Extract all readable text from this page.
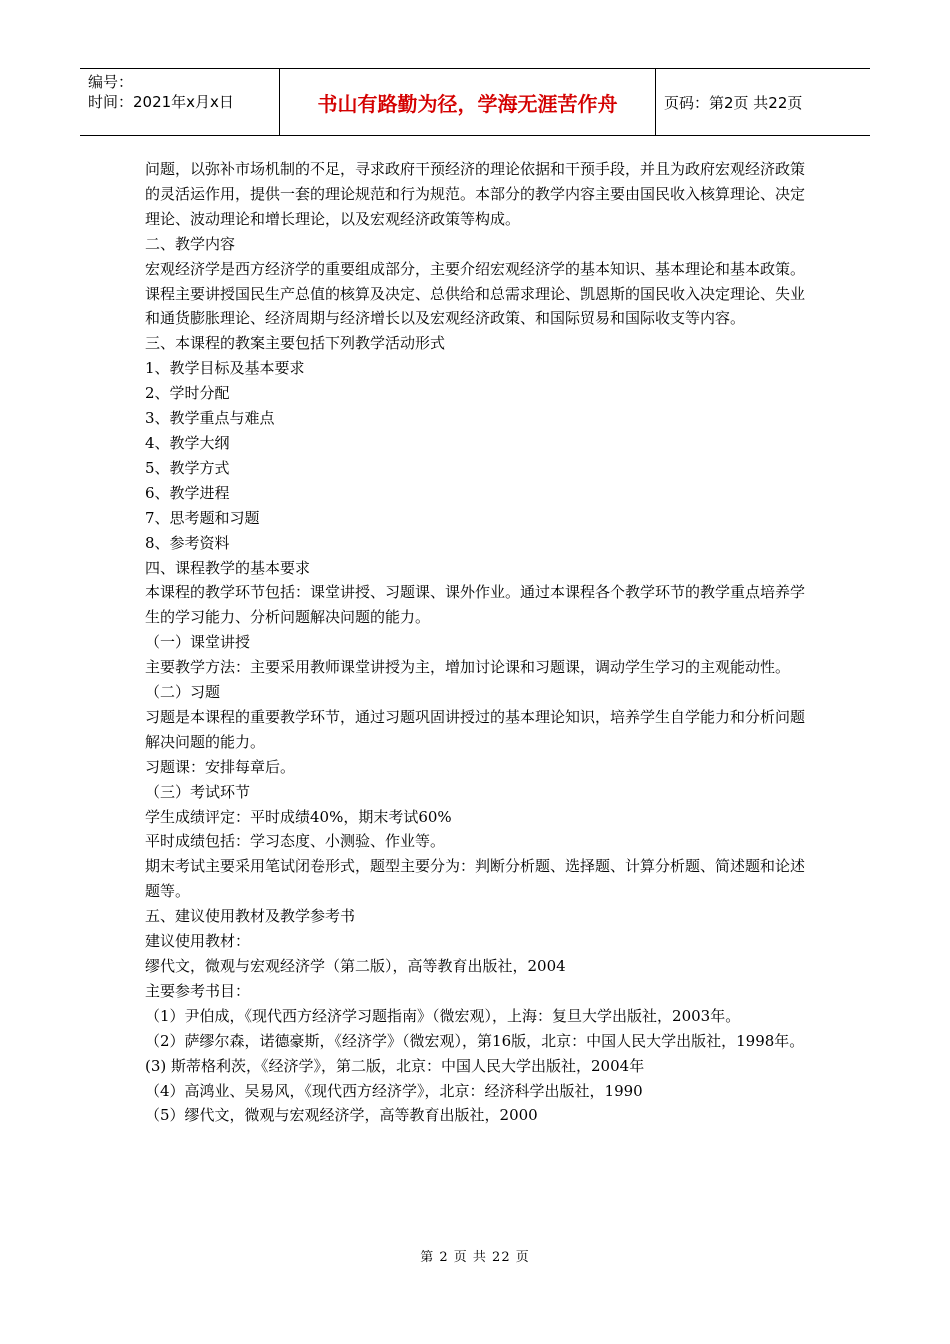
编号：
时间：2021年x月x日	书山有路勤为径，学海无涯苦作舟	页码：第2页 共22页

问题，以弥补市场机制的不足，寻求政府干预经济的理论依据和干预手段，并且为政府宏观经济政策的灵活运作用，提供一套的理论规范和行为规范。本部分的教学内容主要由国民收入核算理论、决定理论、波动理论和增长理论，以及宏观经济政策等构成。

二、教学内容

宏观经济学是西方经济学的重要组成部分，主要介绍宏观经济学的基本知识、基本理论和基本政策。课程主要讲授国民生产总值的核算及决定、总供给和总需求理论、凯恩斯的国民收入决定理论、失业和通货膨胀理论、经济周期与经济增长以及宏观经济政策、和国际贸易和国际收支等内容。

三、本课程的教案主要包括下列教学活动形式

1、教学目标及基本要求

2、学时分配

3、教学重点与难点

4、教学大纲

5、教学方式

6、教学进程

7、思考题和习题

8、参考资料

四、课程教学的基本要求

本课程的教学环节包括：课堂讲授、习题课、课外作业。通过本课程各个教学环节的教学重点培养学生的学习能力、分析问题解决问题的能力。

（一）课堂讲授

主要教学方法：主要采用教师课堂讲授为主，增加讨论课和习题课，调动学生学习的主观能动性。

（二）习题

习题是本课程的重要教学环节，通过习题巩固讲授过的基本理论知识，培养学生自学能力和分析问题解决问题的能力。

习题课：安排每章后。

（三）考试环节

学生成绩评定：平时成绩40%，期末考试60%

平时成绩包括：学习态度、小测验、作业等。

期末考试主要采用笔试闭卷形式，题型主要分为：判断分析题、选择题、计算分析题、简述题和论述题等。

五、建议使用教材及教学参考书

建议使用教材：

缪代文，微观与宏观经济学（第二版），高等教育出版社，2004

主要参考书目：

（1）尹伯成，《现代西方经济学习题指南》（微宏观），上海：复旦大学出版社，2003年。

（2）萨缪尔森，诺德豪斯，《经济学》（微宏观），第16版，北京：中国人民大学出版社，1998年。

(3) 斯蒂格利茨，《经济学》，第二版，北京：中国人民大学出版社，2004年

（4）高鸿业、吴易风，《现代西方经济学》，北京：经济科学出版社，1990

（5）缪代文，微观与宏观经济学，高等教育出版社，2000

第 2 页 共 22 页
